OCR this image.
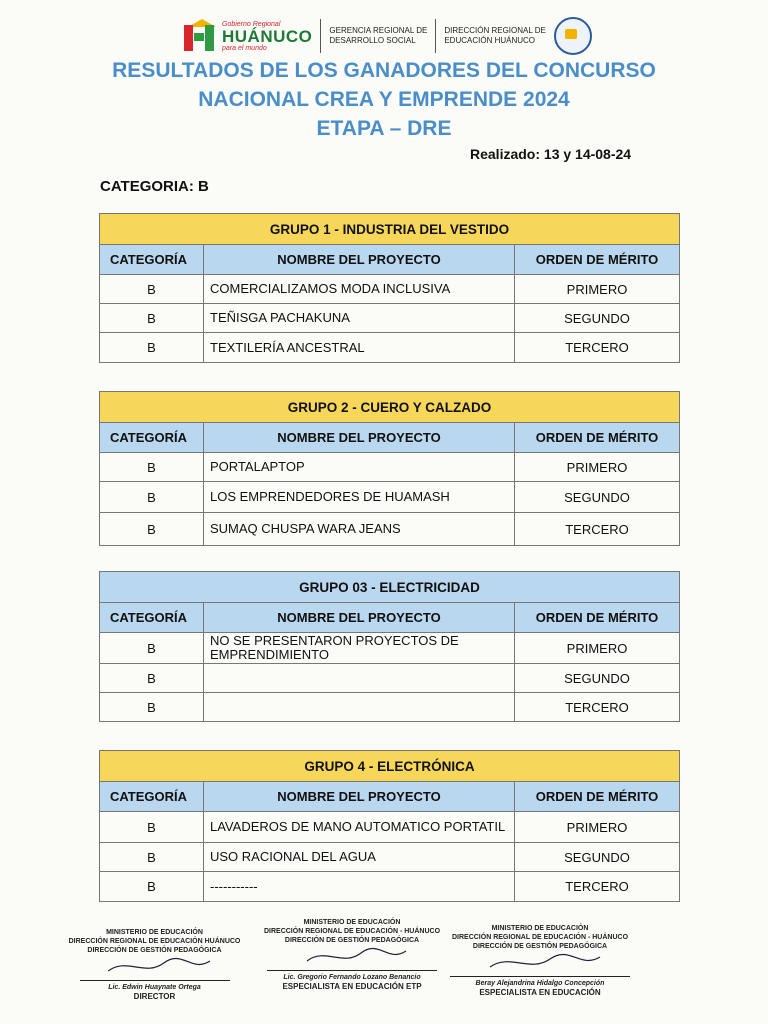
Gobierno Regional
HUÁNUCO
para el mundo
GERENCIA REGIONAL DE
DESARROLLO SOCIAL
DIRECCIÓN REGIONAL DE
EDUCACIÓN HUÁNUCO
RESULTADOS DE LOS GANADORES DEL CONCURSO
NACIONAL CREA Y EMPRENDE 2024
ETAPA – DRE
Realizado: 13 y 14-08-24
CATEGORIA: B
GRUPO 1 - INDUSTRIA DEL VESTIDO		
CATEGORÍA	NOMBRE DEL PROYECTO	ORDEN DE MÉRITO
B	COMERCIALIZAMOS MODA INCLUSIVA	PRIMERO
B	TEÑISGA PACHAKUNA	SEGUNDO
B	TEXTILERÍA ANCESTRAL	TERCERO
GRUPO 2 - CUERO Y CALZADO		
CATEGORÍA	NOMBRE DEL PROYECTO	ORDEN DE MÉRITO
B	PORTALAPTOP	PRIMERO
B	LOS EMPRENDEDORES DE HUAMASH	SEGUNDO
B	SUMAQ CHUSPA WARA JEANS	TERCERO
GRUPO 03 - ELECTRICIDAD		
CATEGORÍA	NOMBRE DEL PROYECTO	ORDEN DE MÉRITO
B	NO SE PRESENTARON PROYECTOS DE EMPRENDIMIENTO	PRIMERO
B		SEGUNDO
B		TERCERO
GRUPO 4 - ELECTRÓNICA		
CATEGORÍA	NOMBRE DEL PROYECTO	ORDEN DE MÉRITO
B	LAVADEROS DE MANO AUTOMATICO PORTATIL	PRIMERO
B	USO RACIONAL DEL AGUA	SEGUNDO
B	-----------	TERCERO
MINISTERIO DE EDUCACIÓN
DIRECCIÓN REGIONAL DE EDUCACIÓN HUÁNUCO
DIRECCIÓN DE GESTIÓN PEDAGÓGICA
Lic. Edwin Huaynate Ortega
DIRECTOR
MINISTERIO DE EDUCACIÓN
DIRECCIÓN REGIONAL DE EDUCACIÓN - HUÁNUCO
DIRECCIÓN DE GESTIÓN PEDAGÓGICA
Lic. Gregorio Fernando Lozano Benancio
ESPECIALISTA EN EDUCACIÓN ETP
MINISTERIO DE EDUCACIÓN
DIRECCIÓN REGIONAL DE EDUCACIÓN - HUÁNUCO
DIRECCIÓN DE GESTIÓN PEDAGÓGICA
Beray Alejandrina Hidalgo Concepción
ESPECIALISTA EN EDUCACIÓN
